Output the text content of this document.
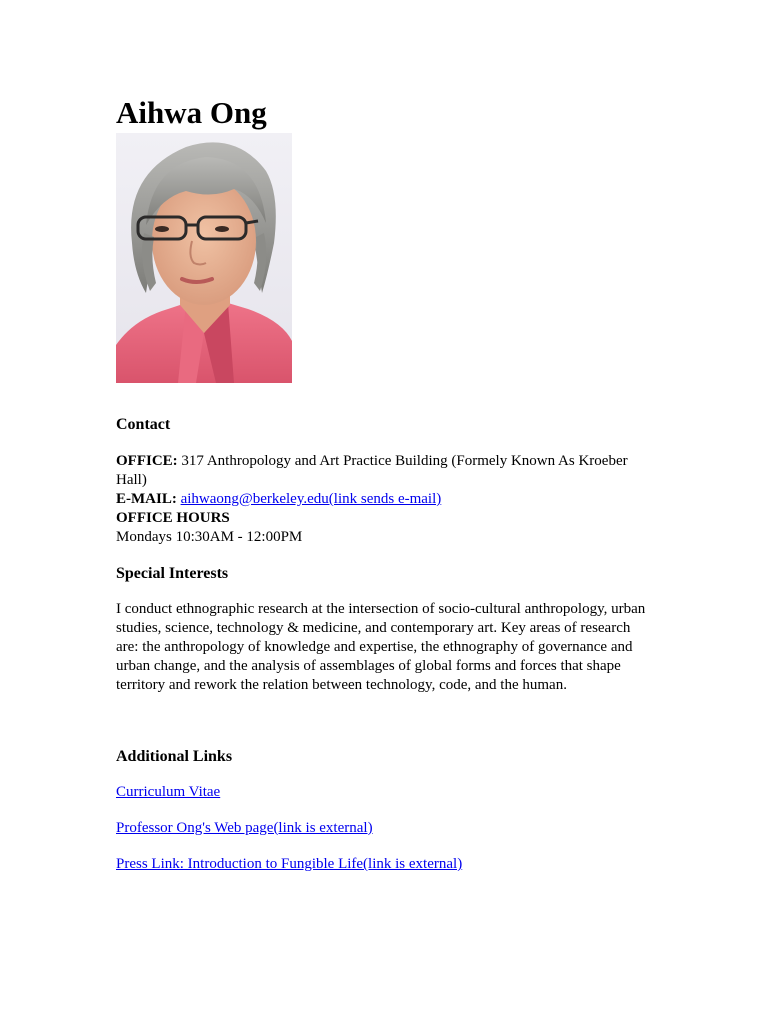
Aihwa Ong
Contact
OFFICE: 317 Anthropology and Art Practice Building (Formely Known As Kroeber Hall)
E-MAIL: aihwaong@berkeley.edu(link sends e-mail)
OFFICE HOURS
Mondays 10:30AM - 12:00PM
Special Interests
I conduct ethnographic research at the intersection of socio-cultural anthropology, urban studies, science, technology & medicine, and contemporary art. Key areas of research are: the anthropology of knowledge and expertise, the ethnography of governance and urban change, and the analysis of assemblages of global forms and forces that shape territory and rework the relation between technology, code, and the human.
Additional Links
Curriculum Vitae
Professor Ong's Web page(link is external)
Press Link: Introduction to Fungible Life(link is external)
